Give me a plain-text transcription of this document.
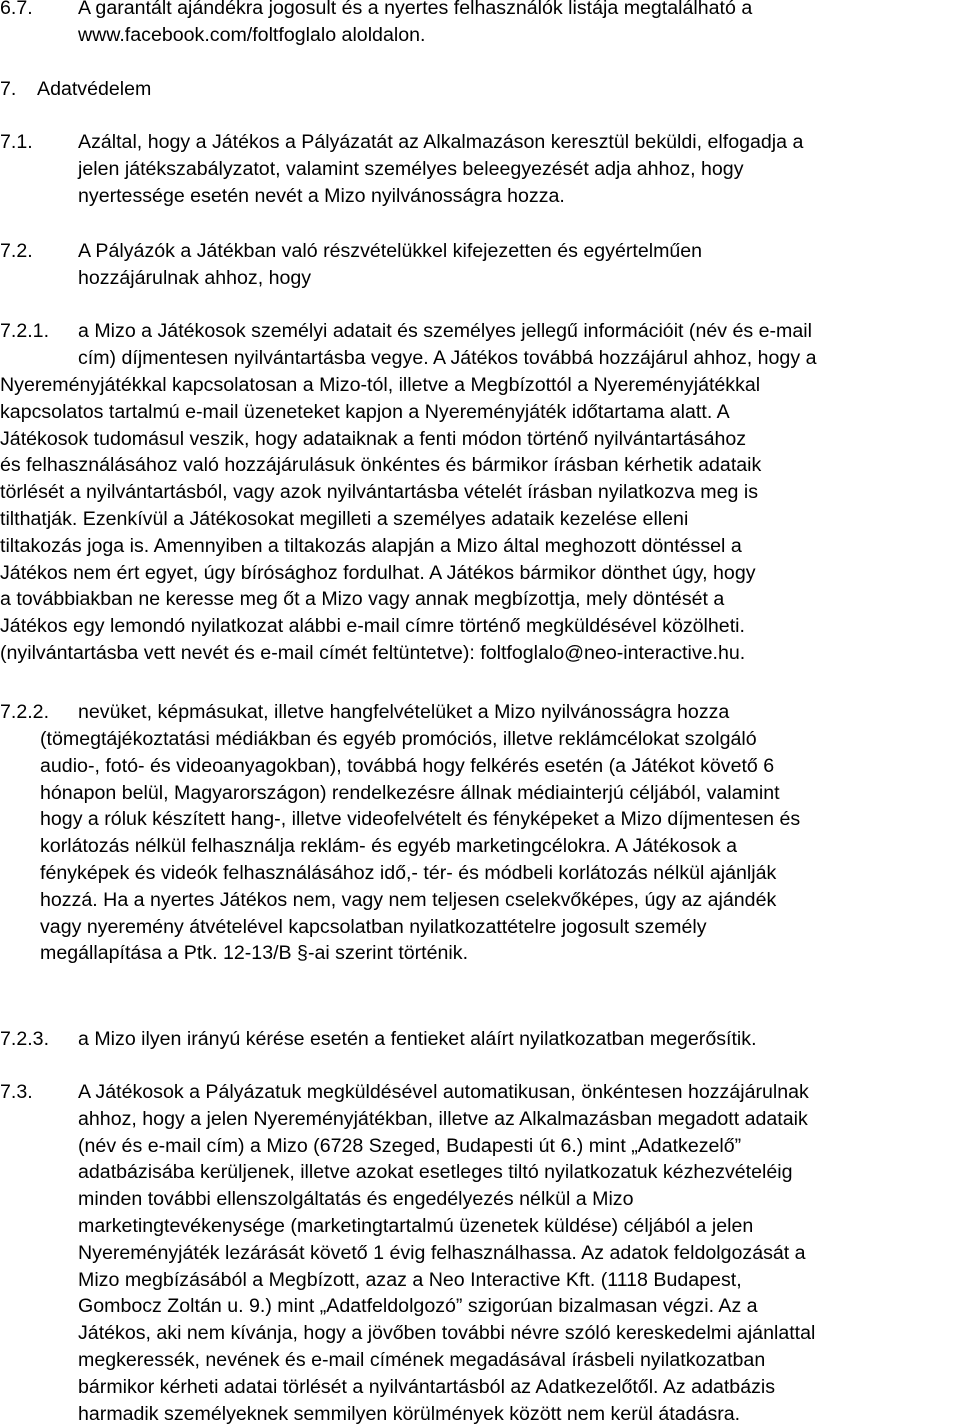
6.7. A garantált ajándékra jogosult és a nyertes felhasználók listája megtalálható a
www.facebook.com/foltfoglalo aloldalon.
7. Adatvédelem
7.1. Azáltal, hogy a Játékos a Pályázatát az Alkalmazáson keresztül beküldi, elfogadja a
jelen játékszabályzatot, valamint személyes beleegyezését adja ahhoz, hogy
nyertessége esetén nevét a Mizo nyilvánosságra hozza.
7.2. A Pályázók a Játékban való részvételükkel kifejezetten és egyértelműen
hozzájárulnak ahhoz, hogy
7.2.1. a Mizo a Játékosok személyi adatait és személyes jellegű információit (név és e-mail
cím) díjmentesen nyilvántartásba vegye. A Játékos továbbá hozzájárul ahhoz, hogy a
Nyereményjátékkal kapcsolatosan a Mizo-tól, illetve a Megbízottól a Nyereményjátékkal
kapcsolatos tartalmú e-mail üzeneteket kapjon a Nyereményjáték időtartama alatt. A
Játékosok tudomásul veszik, hogy adataiknak a fenti módon történő nyilvántartásához
és felhasználásához való hozzájárulásuk önkéntes és bármikor írásban kérhetik adataik
törlését a nyilvántartásból, vagy azok nyilvántartásba vételét írásban nyilatkozva meg is
tilthatják. Ezenkívül a Játékosokat megilleti a személyes adataik kezelése elleni
tiltakozás joga is. Amennyiben a tiltakozás alapján a Mizo által meghozott döntéssel a
Játékos nem ért egyet, úgy bírósághoz fordulhat. A Játékos bármikor dönthet úgy, hogy
a továbbiakban ne keresse meg őt a Mizo vagy annak megbízottja, mely döntését a
Játékos egy lemondó nyilatkozat alábbi e-mail címre történő megküldésével közölheti.
(nyilvántartásba vett nevét és e-mail címét feltüntetve): foltfoglalo@neo-interactive.hu.
7.2.2. nevüket, képmásukat, illetve hangfelvételüket a Mizo nyilvánosságra hozza
(tömegtájékoztatási médiákban és egyéb promóciós, illetve reklámcélokat szolgáló
audio-, fotó- és videoanyagokban), továbbá hogy felkérés esetén (a Játékot követő 6
hónapon belül, Magyarországon) rendelkezésre állnak médiainterjú céljából, valamint
hogy a róluk készített hang-, illetve videofelvételt és fényképeket a Mizo díjmentesen és
korlátozás nélkül felhasználja reklám- és egyéb marketingcélokra. A Játékosok a
fényképek és videók felhasználásához idő,- tér- és módbeli korlátozás nélkül ajánlják
hozzá. Ha a nyertes Játékos nem, vagy nem teljesen cselekvőképes, úgy az ajándék
vagy nyeremény átvételével kapcsolatban nyilatkozattételre jogosult személy
megállapítása a Ptk. 12-13/B §-ai szerint történik.
7.2.3. a Mizo ilyen irányú kérése esetén a fentieket aláírt nyilatkozatban megerősítik.
7.3. A Játékosok a Pályázatuk megküldésével automatikusan, önkéntesen hozzájárulnak
ahhoz, hogy a jelen Nyereményjátékban, illetve az Alkalmazásban megadott adataik
(név és e-mail cím) a Mizo (6728 Szeged, Budapesti út 6.) mint „Adatkezelő”
adatbázisába kerüljenek, illetve azokat esetleges tiltó nyilatkozatuk kézhezvételéig
minden további ellenszolgáltatás és engedélyezés nélkül a Mizo
marketingtevékenysége (marketingtartalmú üzenetek küldése) céljából a jelen
Nyereményjáték lezárását követő 1 évig felhasználhassa. Az adatok feldolgozását a
Mizo megbízásából a Megbízott, azaz a Neo Interactive Kft. (1118 Budapest,
Gombocz Zoltán u. 9.) mint „Adatfeldolgozó” szigorúan bizalmasan végzi. Az a
Játékos, aki nem kívánja, hogy a jövőben további névre szóló kereskedelmi ajánlattal
megkeressék, nevének és e-mail címének megadásával írásbeli nyilatkozatban
bármikor kérheti adatai törlését a nyilvántartásból az Adatkezelőtől. Az adatbázis
harmadik személyeknek semmilyen körülmények között nem kerül átadásra.
